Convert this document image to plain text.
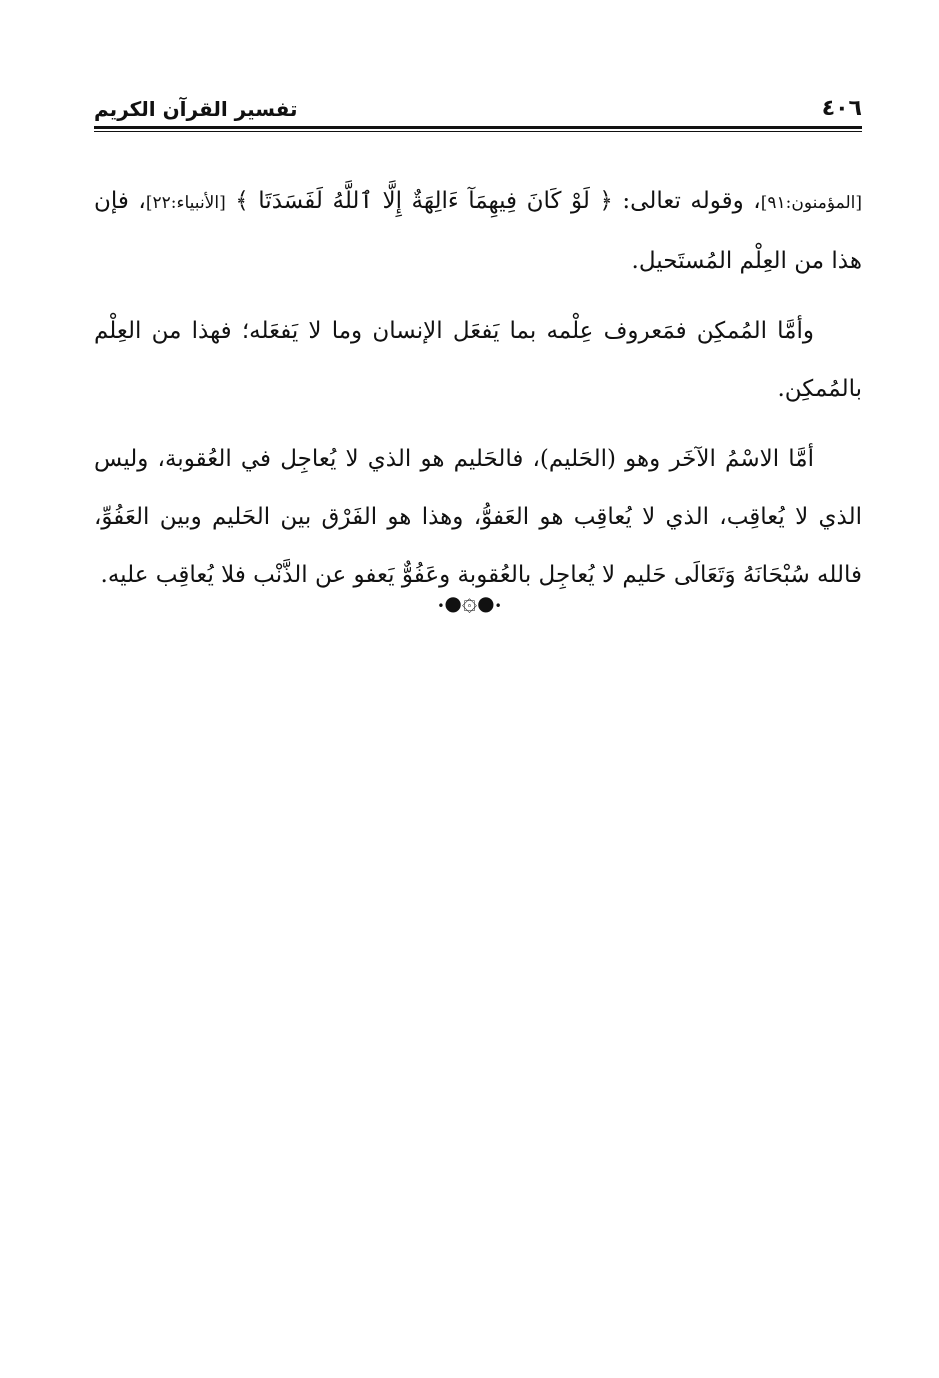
٤٠٦
تفسير القرآن الكريم

[المؤمنون:٩١]، وقوله تعالى: ﴿ لَوْ كَانَ فِيهِمَآ ءَالِهَةٌ إِلَّا ٱللَّهُ لَفَسَدَتَا ﴾ [الأنبياء:٢٢]، فإن هذا من العِلْم المُستَحيل.

وأمَّا المُمكِن فمَعروف عِلْمه بما يَفعَل الإنسان وما لا يَفعَله؛ فهذا من العِلْم بالمُمكِن.

أمَّا الاسْمُ الآخَر وهو (الحَليم)، فالحَليم هو الذي لا يُعاجِل في العُقوبة، وليس الذي لا يُعاقِب، الذي لا يُعاقِب هو العَفوُّ، وهذا هو الفَرْق بين الحَليم وبين العَفُوِّ، فالله سُبْحَانَهُ وَتَعَالَى حَليم لا يُعاجِل بالعُقوبة وعَفُوٌّ يَعفو عن الذَّنْب فلا يُعاقِب عليه.

•●۞●•
